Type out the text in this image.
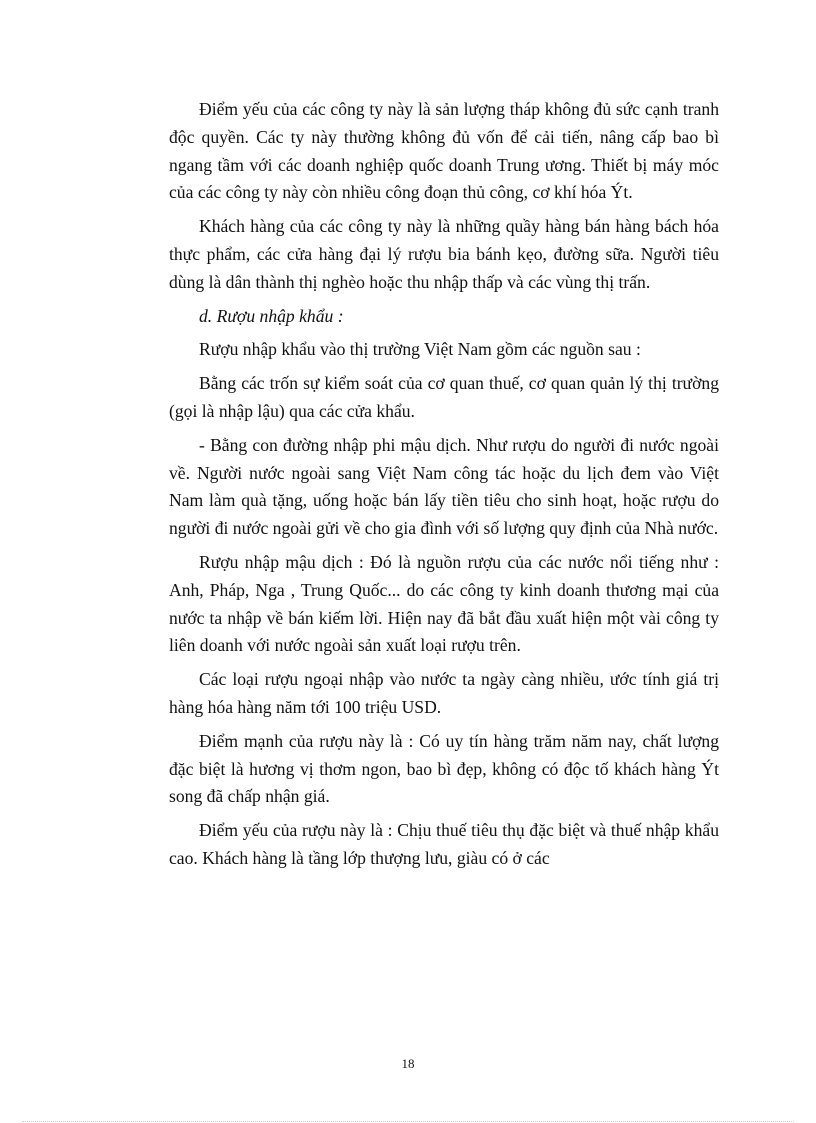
Điểm yếu của các công ty này là sản lượng tháp không đủ sức cạnh tranh độc quyền. Các ty này thường không đủ vốn để cải tiến, nâng cấp bao bì ngang tầm với các doanh nghiệp quốc doanh Trung ương. Thiết bị máy móc của các công ty này còn nhiều công đoạn thủ công, cơ khí hóa Ýt.

Khách hàng của các công ty này là những quầy hàng bán hàng bách hóa thực phẩm, các cửa hàng đại lý rượu bia bánh kẹo, đường sữa. Người tiêu dùng là dân thành thị nghèo hoặc thu nhập thấp và các vùng thị trấn.

d. Rượu nhập khẩu :

Rượu nhập khẩu vào thị trường Việt Nam gồm các nguồn sau :

Bằng các trốn sự kiểm soát của cơ quan thuế, cơ quan quản lý thị trường (gọi là nhập lậu) qua các cửa khẩu.

- Bằng con đường nhập phi mậu dịch. Như rượu do người đi nước ngoài về. Người nước ngoài sang Việt Nam công tác hoặc du lịch đem vào Việt Nam làm quà tặng, uống hoặc bán lấy tiền tiêu cho sinh hoạt, hoặc rượu do người đi nước ngoài gửi về cho gia đình với số lượng quy định của Nhà nước.

Rượu nhập mậu dịch : Đó là nguồn rượu của các nước nổi tiếng như : Anh, Pháp, Nga , Trung Quốc... do các công ty kinh doanh thương mại của nước ta nhập về bán kiếm lời. Hiện nay đã bắt đầu xuất hiện một vài công ty liên doanh với nước ngoài sản xuất loại rượu trên.

Các loại rượu ngoại nhập vào nước ta ngày càng nhiều, ước tính giá trị hàng hóa hàng năm tới 100 triệu USD.

Điểm mạnh của rượu này là : Có uy tín hàng trăm năm nay, chất lượng đặc biệt là hương vị thơm ngon, bao bì đẹp, không có độc tố khách hàng Ýt song đã chấp nhận giá.

Điểm yếu của rượu này là : Chịu thuế tiêu thụ đặc biệt và thuế nhập khẩu cao. Khách hàng là tầng lớp thượng lưu, giàu có ở các

18
